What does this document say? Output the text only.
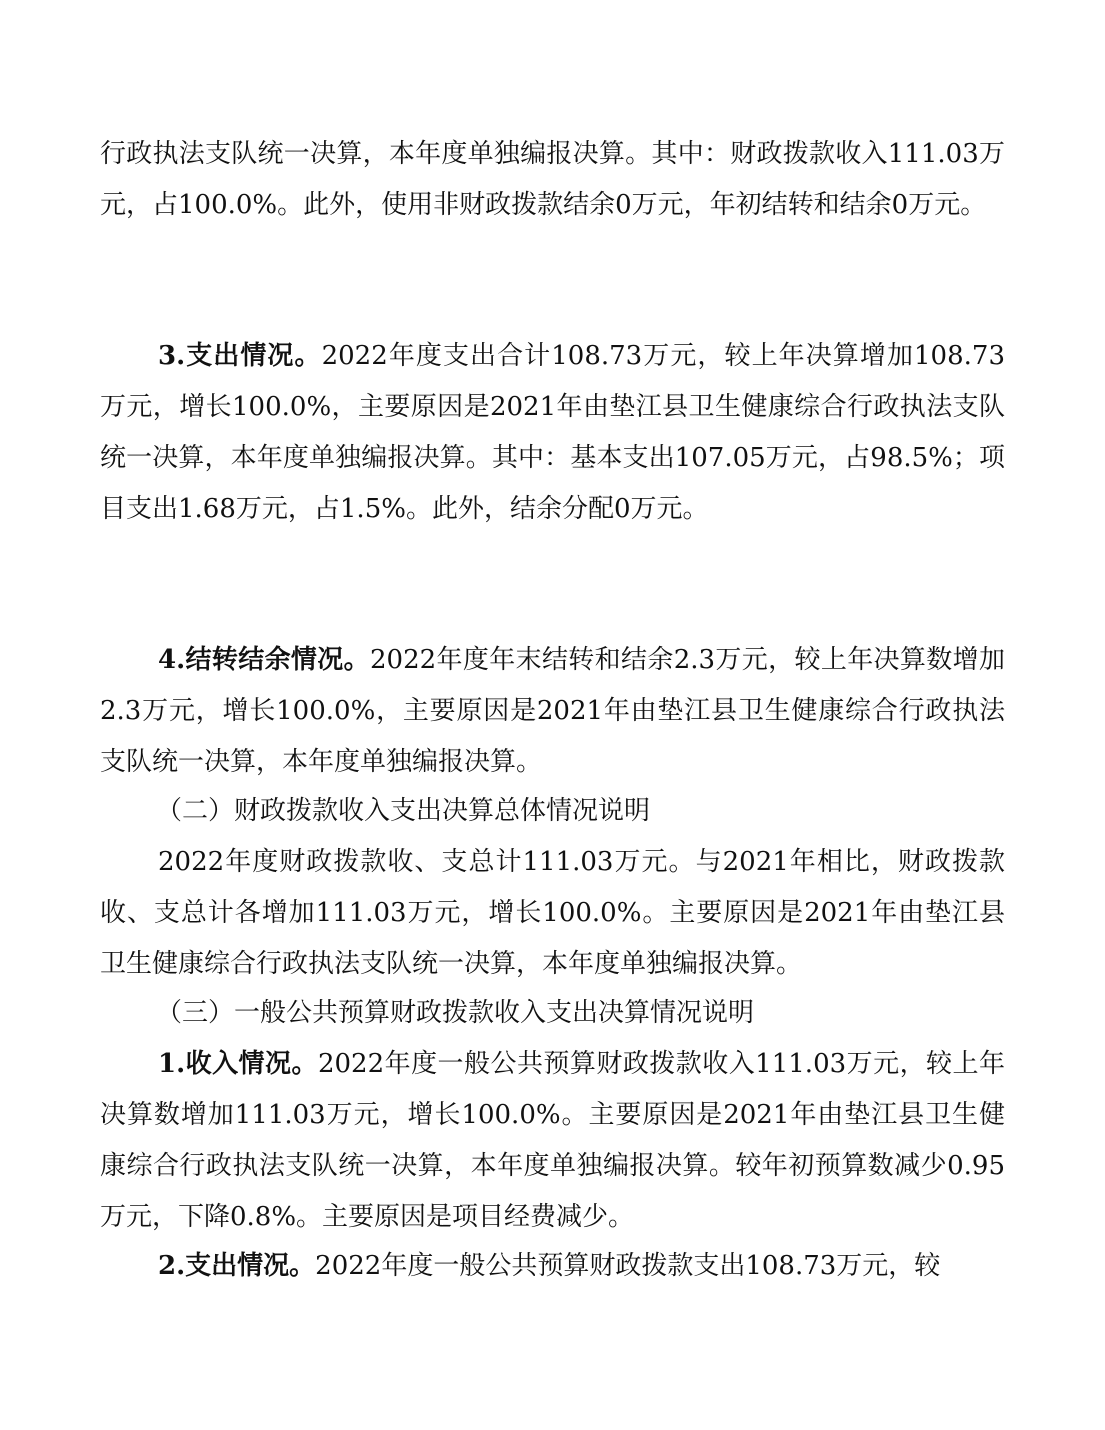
行政执法支队统一决算，本年度单独编报决算。其中：财政拨款收入111.03万元，占100.0%。此外，使用非财政拨款结余0万元，年初结转和结余0万元。

3.支出情况。2022年度支出合计108.73万元，较上年决算增加108.73万元，增长100.0%，主要原因是2021年由垫江县卫生健康综合行政执法支队统一决算，本年度单独编报决算。其中：基本支出107.05万元，占98.5%；项目支出1.68万元，占1.5%。此外，结余分配0万元。

4.结转结余情况。2022年度年末结转和结余2.3万元，较上年决算数增加2.3万元，增长100.0%，主要原因是2021年由垫江县卫生健康综合行政执法支队统一决算，本年度单独编报决算。

（二）财政拨款收入支出决算总体情况说明

2022年度财政拨款收、支总计111.03万元。与2021年相比，财政拨款收、支总计各增加111.03万元，增长100.0%。主要原因是2021年由垫江县卫生健康综合行政执法支队统一决算，本年度单独编报决算。

（三）一般公共预算财政拨款收入支出决算情况说明

1.收入情况。2022年度一般公共预算财政拨款收入111.03万元，较上年决算数增加111.03万元，增长100.0%。主要原因是2021年由垫江县卫生健康综合行政执法支队统一决算，本年度单独编报决算。较年初预算数减少0.95万元，下降0.8%。主要原因是项目经费减少。

2.支出情况。2022年度一般公共预算财政拨款支出108.73万元，较
